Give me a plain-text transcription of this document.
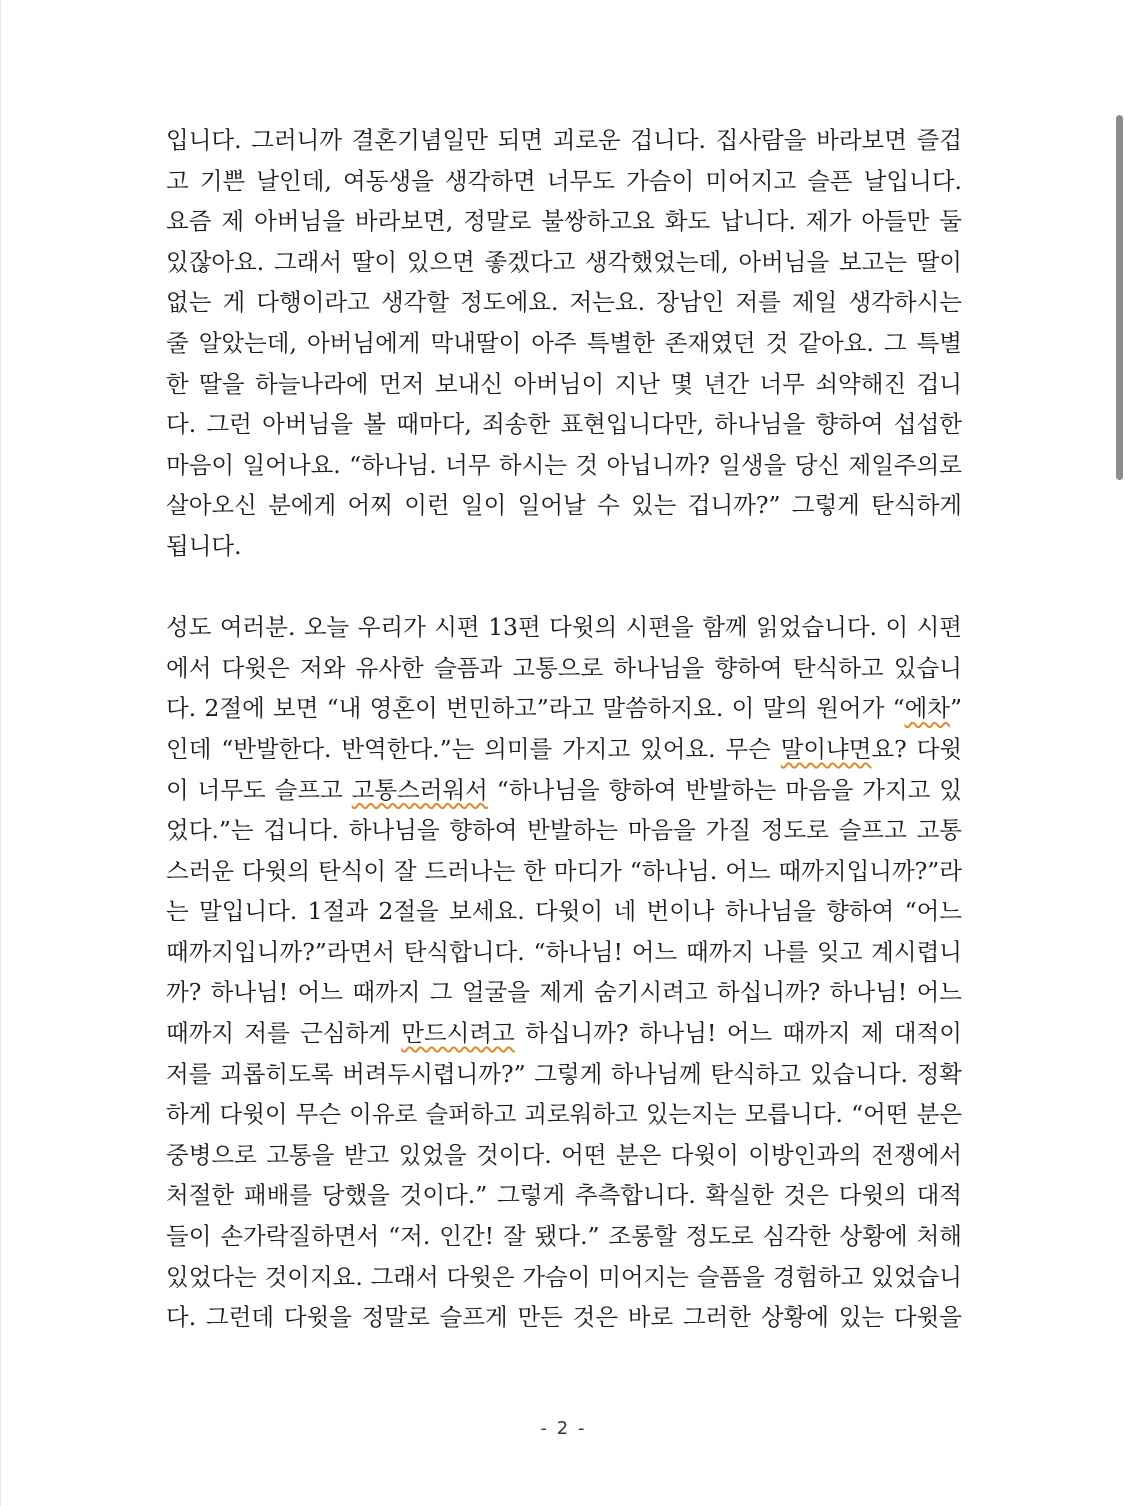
입니다. 그러니까 결혼기념일만 되면 괴로운 겁니다. 집사람을 바라보면 즐겁
고 기쁜 날인데, 여동생을 생각하면 너무도 가슴이 미어지고 슬픈 날입니다.
요즘 제 아버님을 바라보면, 정말로 불쌍하고요 화도 납니다. 제가 아들만 둘
있잖아요. 그래서 딸이 있으면 좋겠다고 생각했었는데, 아버님을 보고는 딸이
없는 게 다행이라고 생각할 정도에요. 저는요. 장남인 저를 제일 생각하시는
줄 알았는데, 아버님에게 막내딸이 아주 특별한 존재였던 것 같아요. 그 특별
한 딸을 하늘나라에 먼저 보내신 아버님이 지난 몇 년간 너무 쇠약해진 겁니
다. 그런 아버님을 볼 때마다, 죄송한 표현입니다만, 하나님을 향하여 섭섭한
마음이 일어나요. “하나님. 너무 하시는 것 아닙니까? 일생을 당신 제일주의로
살아오신 분에게 어찌 이런 일이 일어날 수 있는 겁니까?” 그렇게 탄식하게
됩니다.
성도 여러분. 오늘 우리가 시편 13편 다윗의 시편을 함께 읽었습니다. 이 시편
에서 다윗은 저와 유사한 슬픔과 고통으로 하나님을 향하여 탄식하고 있습니
다. 2절에 보면 “내 영혼이 번민하고”라고 말씀하지요. 이 말의 원어가 “에차”
인데 “반발한다. 반역한다.”는 의미를 가지고 있어요. 무슨 말이냐면요? 다윗
이 너무도 슬프고 고통스러워서 “하나님을 향하여 반발하는 마음을 가지고 있
었다.”는 겁니다. 하나님을 향하여 반발하는 마음을 가질 정도로 슬프고 고통
스러운 다윗의 탄식이 잘 드러나는 한 마디가 “하나님. 어느 때까지입니까?”라
는 말입니다. 1절과 2절을 보세요. 다윗이 네 번이나 하나님을 향하여 “어느
때까지입니까?”라면서 탄식합니다. “하나님! 어느 때까지 나를 잊고 계시렵니
까? 하나님! 어느 때까지 그 얼굴을 제게 숨기시려고 하십니까? 하나님! 어느
때까지 저를 근심하게 만드시려고 하십니까? 하나님! 어느 때까지 제 대적이
저를 괴롭히도록 버려두시렵니까?” 그렇게 하나님께 탄식하고 있습니다. 정확
하게 다윗이 무슨 이유로 슬퍼하고 괴로워하고 있는지는 모릅니다. “어떤 분은
중병으로 고통을 받고 있었을 것이다. 어떤 분은 다윗이 이방인과의 전쟁에서
처절한 패배를 당했을 것이다.” 그렇게 추측합니다. 확실한 것은 다윗의 대적
들이 손가락질하면서 “저. 인간! 잘 됐다.” 조롱할 정도로 심각한 상황에 처해
있었다는 것이지요. 그래서 다윗은 가슴이 미어지는 슬픔을 경험하고 있었습니
다. 그런데 다윗을 정말로 슬프게 만든 것은 바로 그러한 상황에 있는 다윗을
- 2 -
